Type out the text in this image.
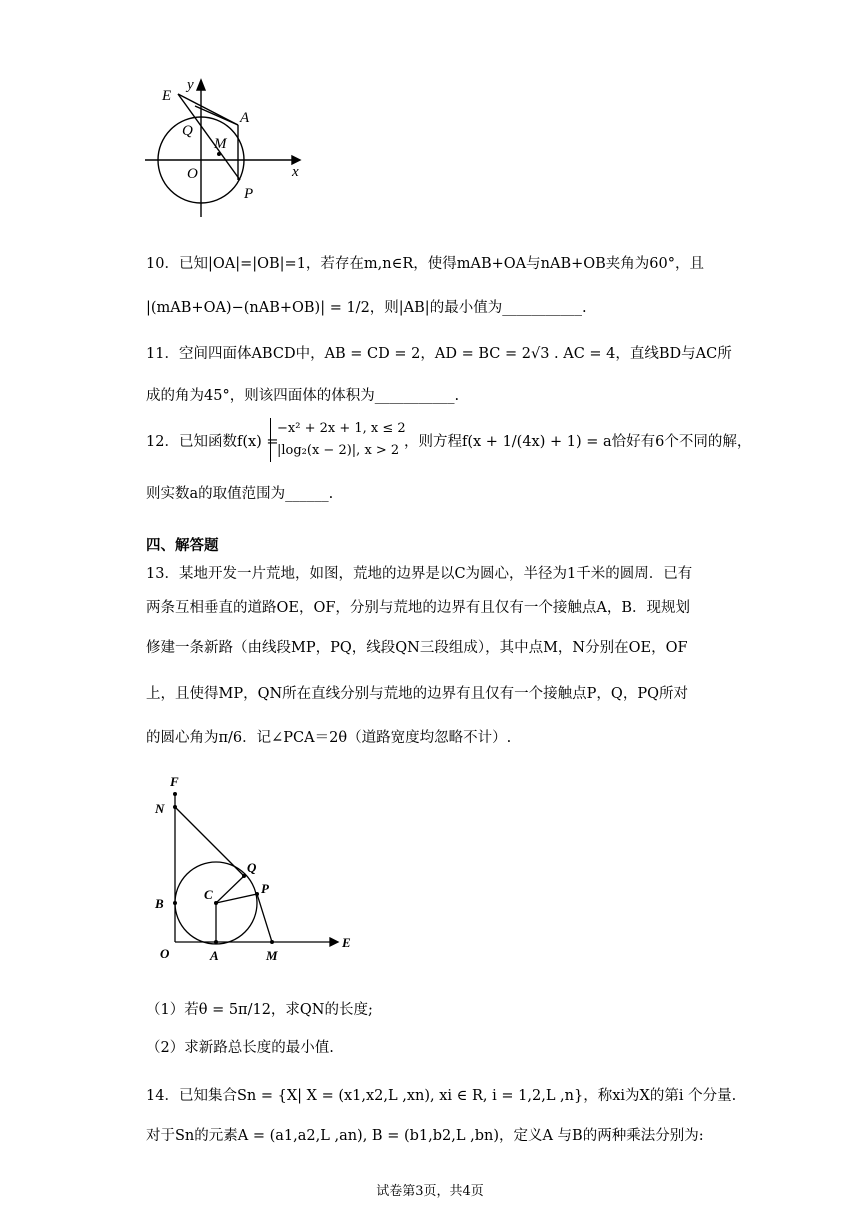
E
y
A
Q
M
O	x
P
10．已知|OA|=|OB|=1，若存在m,n∈R，使得mAB+OA与nAB+OB夹角为60°，且
|(mAB+OA)−(nAB+OB)| = 1/2，则|AB|的最小值为___________.
11．空间四面体ABCD中，AB = CD = 2，AD = BC = 2√3 . AC = 4，直线BD与AC所
成的角为45°，则该四面体的体积为___________.
12．已知函数f(x) =
−x² + 2x + 1, x ≤ 2
|log₂(x − 2)|, x > 2
，则方程f(x + 1/(4x) + 1) = a恰好有6个不同的解，
则实数a的取值范围为______.
四、解答题
13．某地开发一片荒地，如图，荒地的边界是以C为圆心，半径为1千米的圆周．已有
两条互相垂直的道路OE，OF，分别与荒地的边界有且仅有一个接触点A，B．现规划
修建一条新路（由线段MP，PQ，线段QN三段组成），其中点M，N分别在OE，OF
上，且使得MP，QN所在直线分别与荒地的边界有且仅有一个接触点P，Q，PQ所对
的圆心角为π/6．记∠PCA＝2θ（道路宽度均忽略不计）.
F
N
Q
C	P
B
O	A	M
E
（1）若θ = 5π/12，求QN的长度;
（2）求新路总长度的最小值.
14．已知集合Sn = {X| X = (x1,x2,L ,xn), xi ∈ R, i = 1,2,L ,n}，称xi为X的第i 个分量.
对于Sn的元素A = (a1,a2,L ,an), B = (b1,b2,L ,bn)，定义A 与B的两种乘法分别为:
试卷第3页，共4页
